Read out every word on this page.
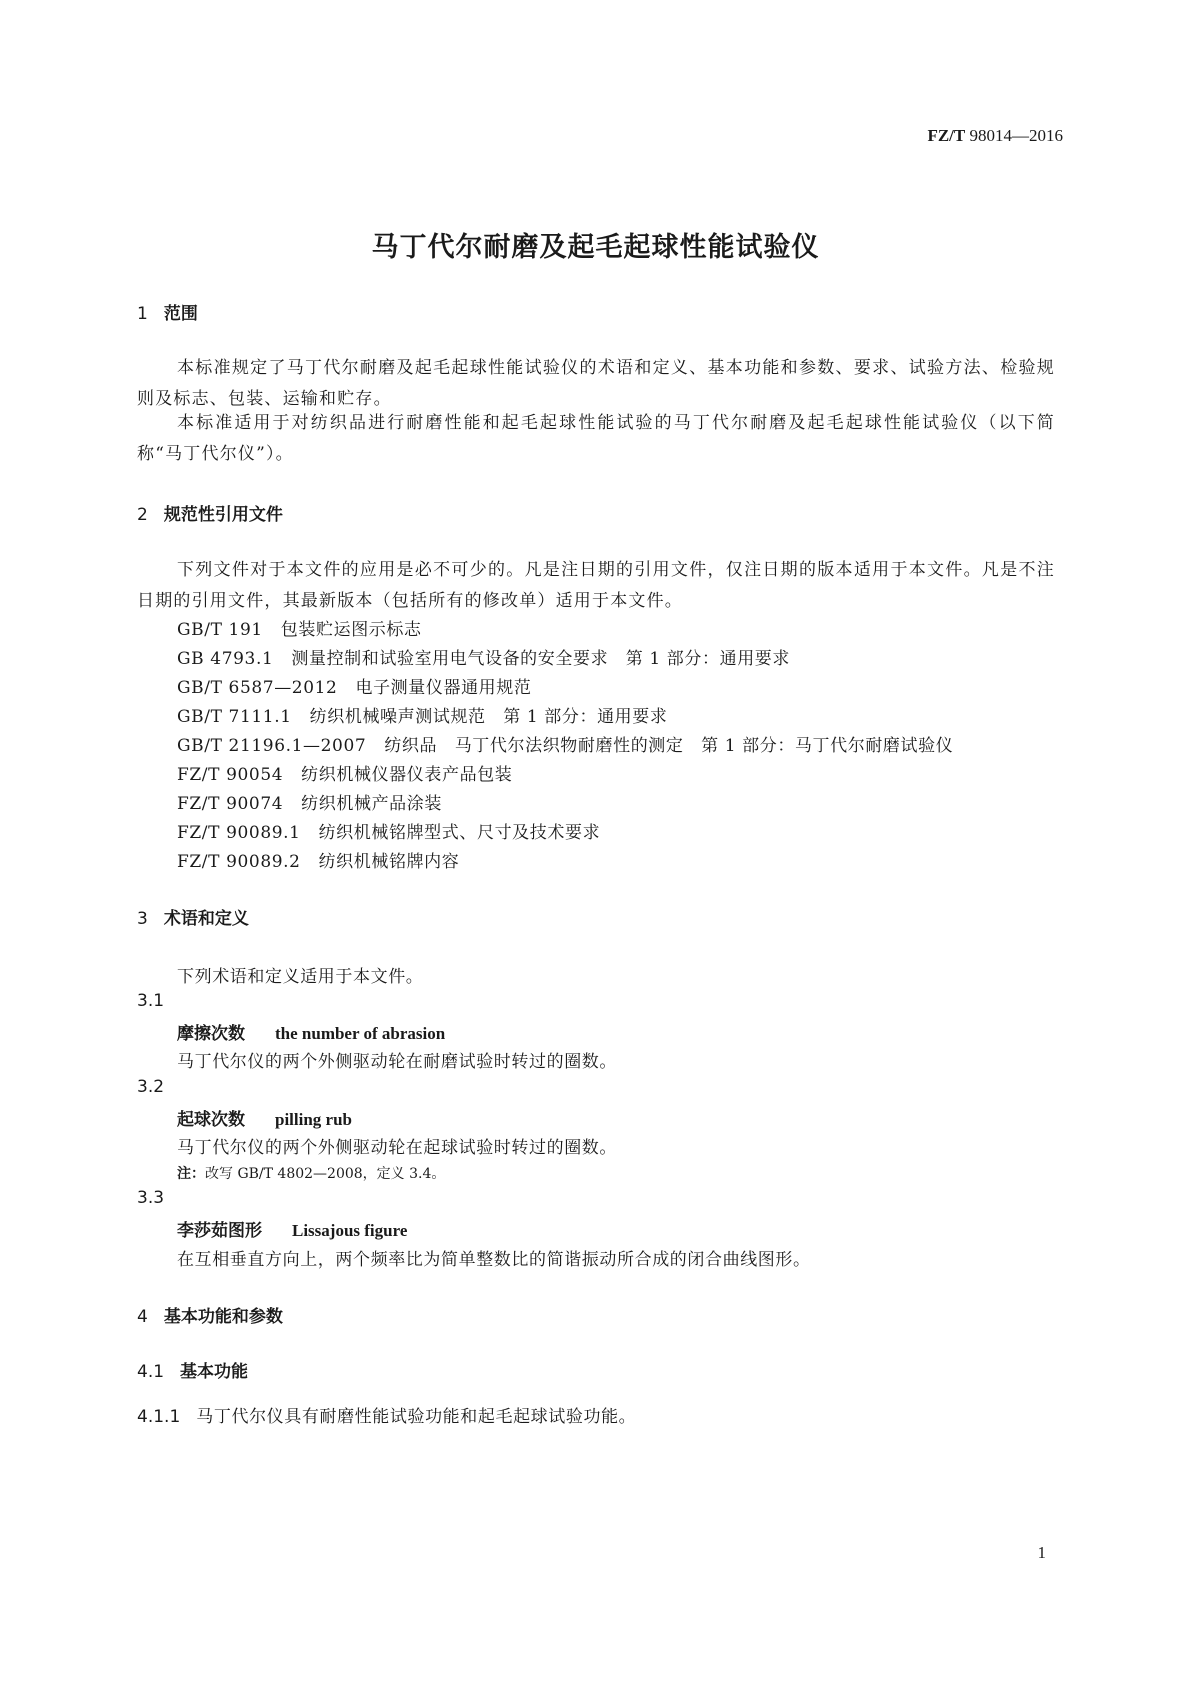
FZ/T 98014—2016
马丁代尔耐磨及起毛起球性能试验仪
1 范围
本标准规定了马丁代尔耐磨及起毛起球性能试验仪的术语和定义、基本功能和参数、要求、试验方法、检验规则及标志、包装、运输和贮存。
本标准适用于对纺织品进行耐磨性能和起毛起球性能试验的马丁代尔耐磨及起毛起球性能试验仪（以下简称“马丁代尔仪”）。
2 规范性引用文件
下列文件对于本文件的应用是必不可少的。凡是注日期的引用文件，仅注日期的版本适用于本文件。凡是不注日期的引用文件，其最新版本（包括所有的修改单）适用于本文件。
GB/T 191 包装贮运图示标志
GB 4793.1 测量控制和试验室用电气设备的安全要求　第 1 部分：通用要求
GB/T 6587—2012 电子测量仪器通用规范
GB/T 7111.1 纺织机械噪声测试规范　第 1 部分：通用要求
GB/T 21196.1—2007 纺织品　马丁代尔法织物耐磨性的测定　第 1 部分：马丁代尔耐磨试验仪
FZ/T 90054 纺织机械仪器仪表产品包装
FZ/T 90074 纺织机械产品涂装
FZ/T 90089.1 纺织机械铭牌型式、尺寸及技术要求
FZ/T 90089.2 纺织机械铭牌内容
3 术语和定义
下列术语和定义适用于本文件。
3.1
摩擦次数 the number of abrasion
马丁代尔仪的两个外侧驱动轮在耐磨试验时转过的圈数。
3.2
起球次数 pilling rub
马丁代尔仪的两个外侧驱动轮在起球试验时转过的圈数。
注：改写 GB/T 4802—2008，定义 3.4。
3.3
李莎茹图形 Lissajous figure
在互相垂直方向上，两个频率比为简单整数比的简谐振动所合成的闭合曲线图形。
4 基本功能和参数
4.1 基本功能
4.1.1 马丁代尔仪具有耐磨性能试验功能和起毛起球试验功能。
1
